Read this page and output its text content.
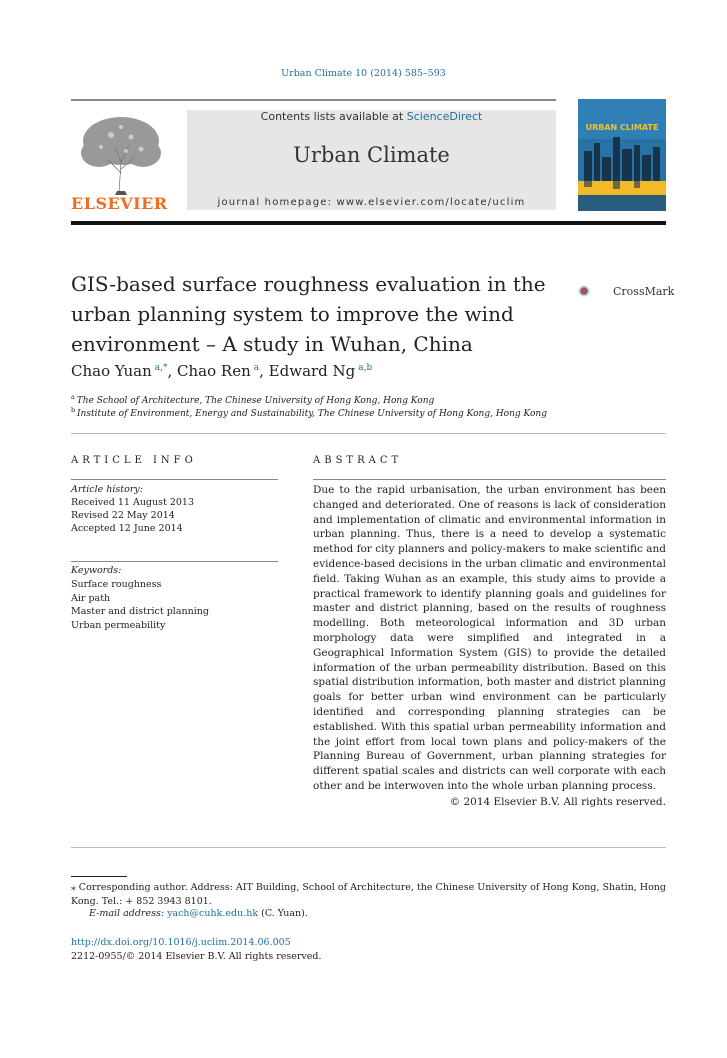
Urban Climate 10 (2014) 585–593
ELSEVIER
Contents lists available at ScienceDirect
Urban Climate
journal homepage: www.elsevier.com/locate/uclim
URBAN CLIMATE
GIS-based surface roughness evaluation in the urban planning system to improve the wind environment – A study in Wuhan, China
CrossMark
Chao Yuan  $^{a,*}$, Chao Ren  $^a$, Edward Ng  $^{a,b}$
$^a$  The School of Architecture, The Chinese University of Hong Kong, Hong Kong
$^b$  Institute of Environment, Energy and Sustainability, The Chinese University of Hong Kong, Hong Kong
ARTICLE INFO
Article history:
Received 11 August 2013
Revised 22 May 2014
Accepted 12 June 2014
Keywords:
Surface roughness
Air path
Master and district planning
Urban permeability
ABSTRACT
Due to the rapid urbanisation, the urban environment has been changed and deteriorated. One of reasons is lack of consideration and implementation of climatic and environmental information in urban planning. Thus, there is a need to develop a systematic method for city planners and policy-makers to make scientific and evidence-based decisions in the urban climatic and environmental field. Taking Wuhan as an example, this study aims to provide a practical framework to identify planning goals and guidelines for master and district planning, based on the results of roughness modelling. Both meteorological information and 3D urban morphology data were simplified and integrated in a Geographical Information System (GIS) to provide the detailed information of the urban permeability distribution. Based on this spatial distribution information, both master and district planning goals for better urban wind environment can be particularly identified and corresponding planning strategies can be established. With this spatial urban permeability information and the joint effort from local town plans and policy-makers of the Planning Bureau of Government, urban planning strategies for different spatial scales and districts can well corporate with each other and be interwoven into the whole urban planning process.
© 2014 Elsevier B.V. All rights reserved.
⁎ Corresponding author. Address: AIT Building, School of Architecture, the Chinese University of Hong Kong, Shatin, Hong Kong. Tel.: + 852 3943 8101.
E-mail address: yach@cuhk.edu.hk (C. Yuan).
http://dx.doi.org/10.1016/j.uclim.2014.06.005
2212-0955/© 2014 Elsevier B.V. All rights reserved.
